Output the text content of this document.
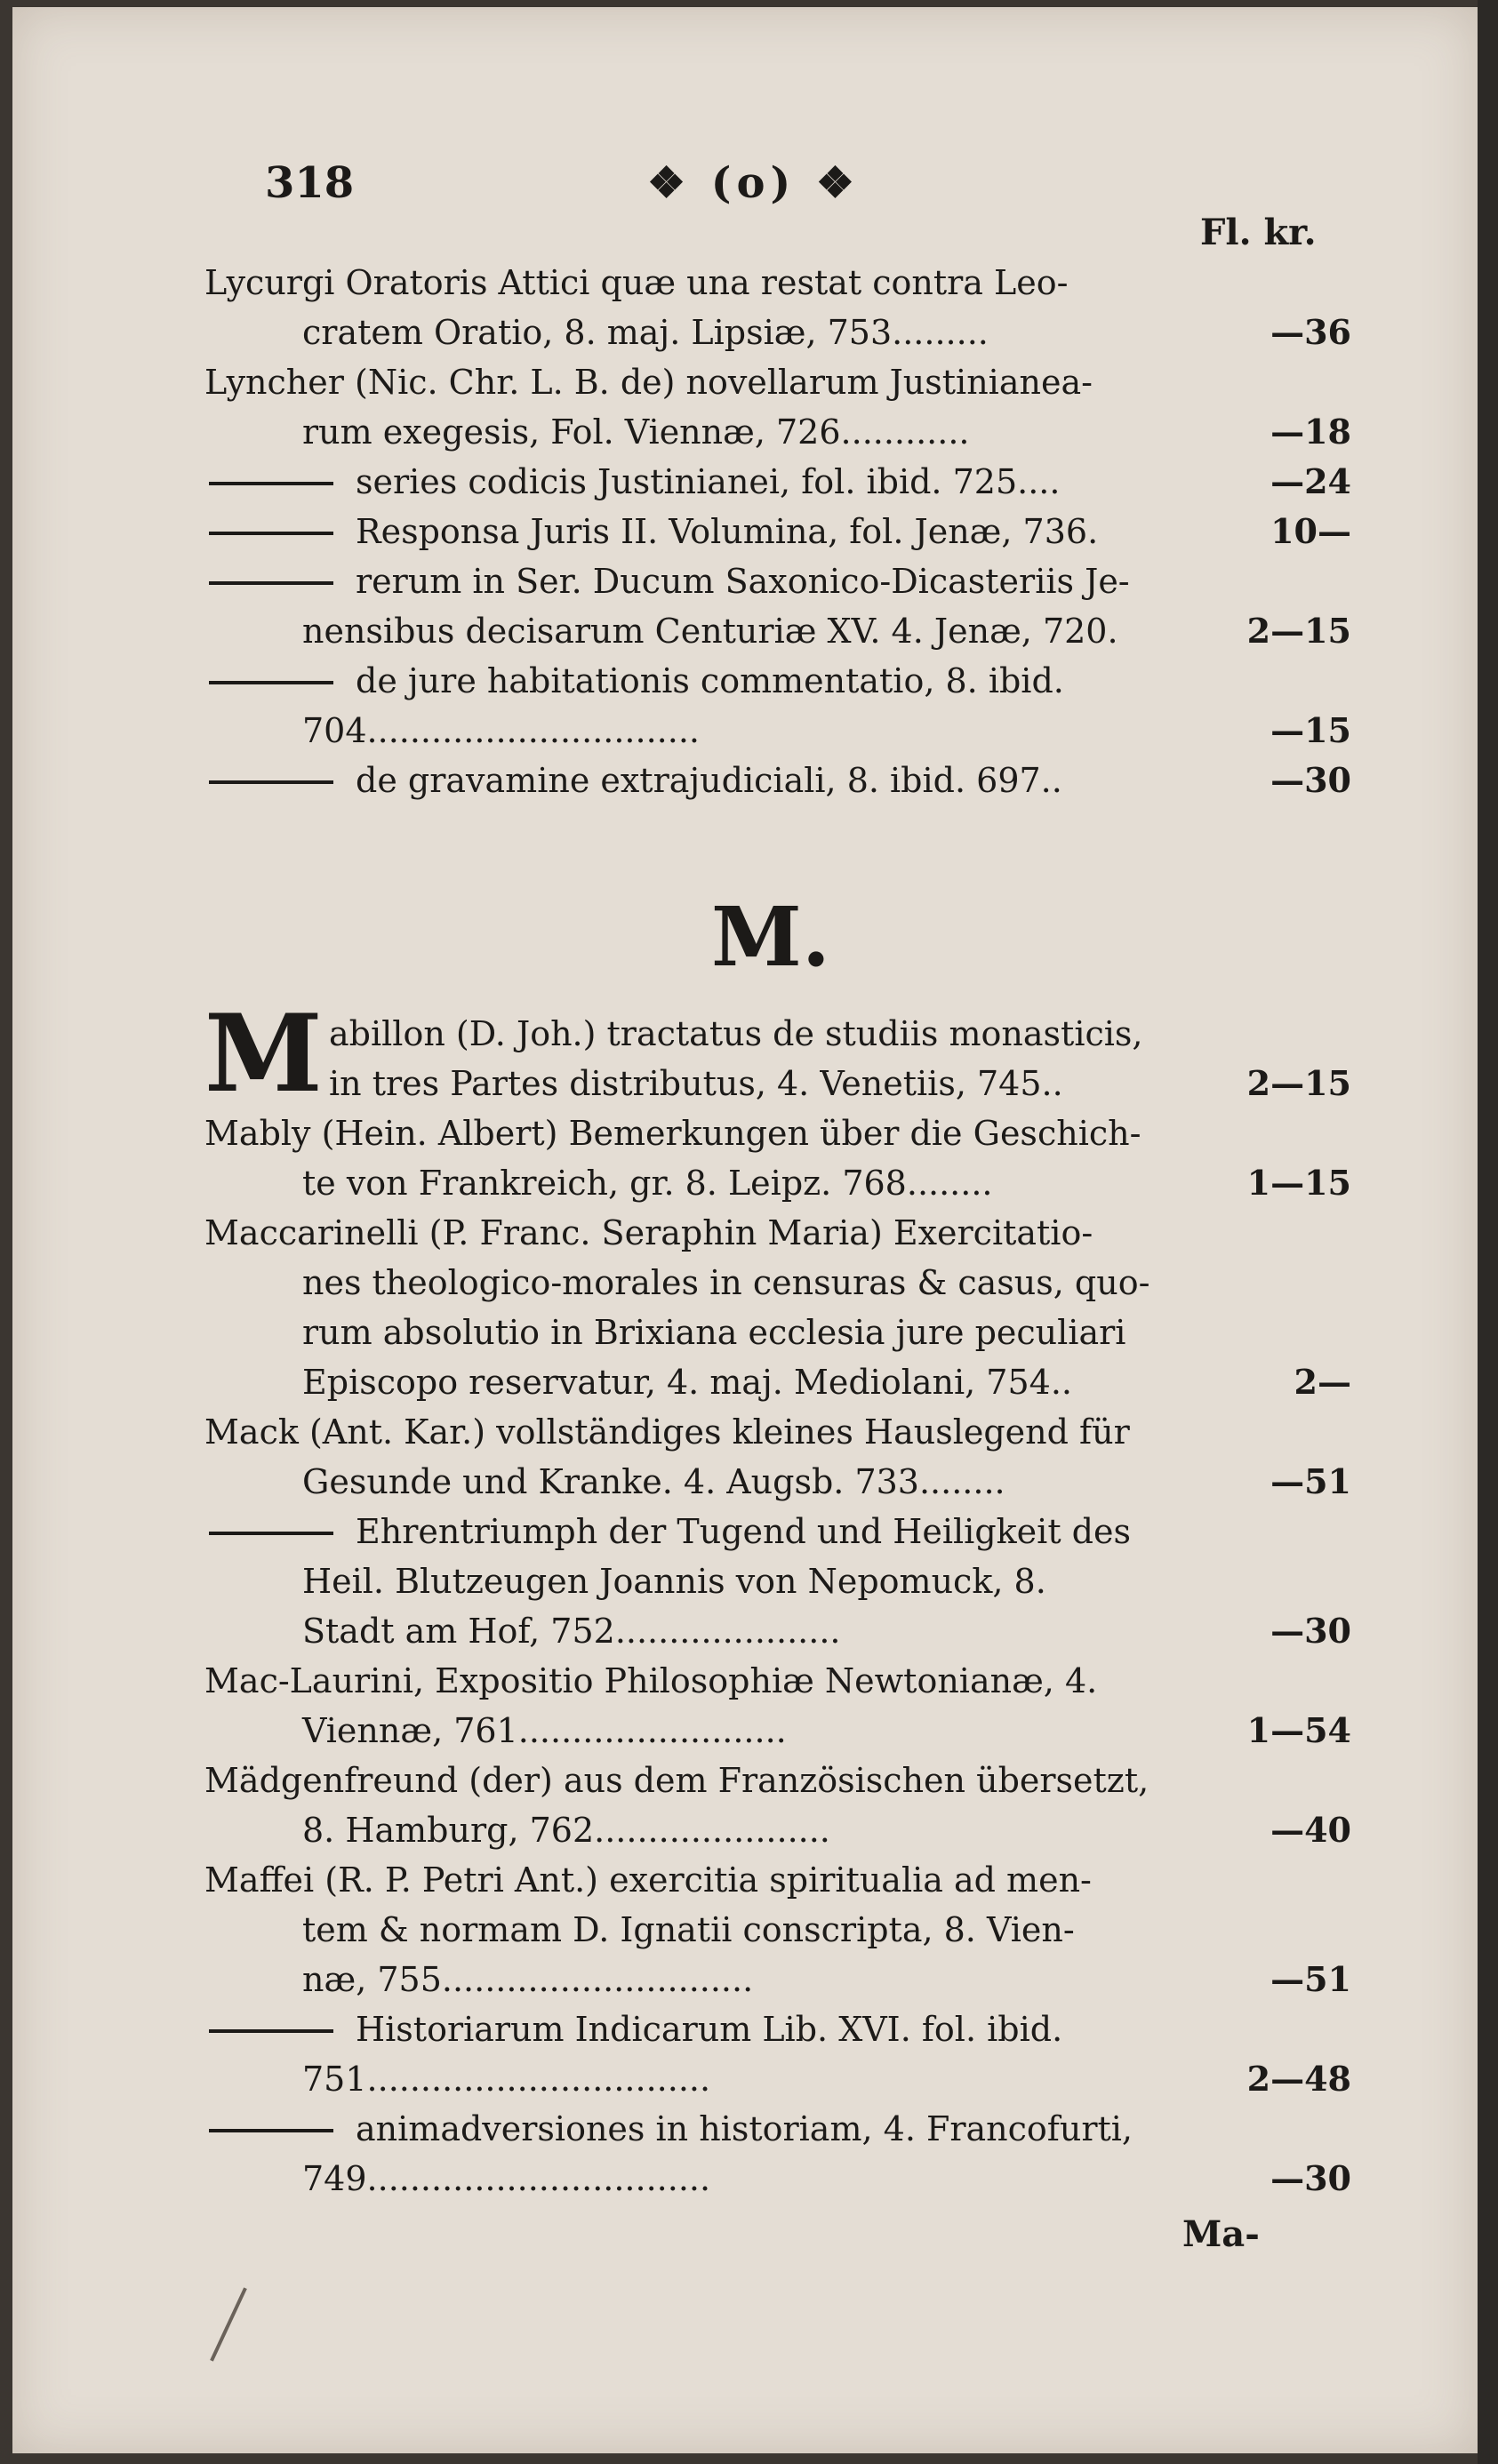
318	❖ (o) ❖
Fl. kr.
Lycurgi Oratoris Attici quæ una restat contra Leo-
cratem Oratio, 8. maj. Lipsiæ, 753.........	—36
Lyncher (Nic. Chr. L. B. de) novellarum Justinianea-
rum exegesis, Fol. Viennæ, 726............	—18
series codicis Justinianei, fol. ibid. 725....	—24
Responsa Juris II. Volumina, fol. Jenæ, 736.	10—
rerum in Ser. Ducum Saxonico-Dicasteriis Je-
nensibus decisarum Centuriæ XV. 4. Jenæ, 720.	2—15
de jure habitationis commentatio, 8. ibid.
704...............................	—15
de gravamine extrajudiciali, 8. ibid. 697..	—30
M.
M abillon (D. Joh.) tractatus de studiis monasticis,
in tres Partes distributus, 4. Venetiis, 745..	2—15
Mably (Hein. Albert) Bemerkungen über die Geschich-
te von Frankreich, gr. 8. Leipz. 768........	1—15
Maccarinelli (P. Franc. Seraphin Maria) Exercitatio-
nes theologico-morales in censuras & casus, quo-
rum absolutio in Brixiana ecclesia jure peculiari
Episcopo reservatur, 4. maj. Mediolani, 754..	2—
Mack (Ant. Kar.) vollständiges kleines Hauslegend für
Gesunde und Kranke. 4. Augsb. 733........	—51
Ehrentriumph der Tugend und Heiligkeit des
Heil. Blutzeugen Joannis von Nepomuck, 8.
Stadt am Hof, 752.....................	—30
Mac-Laurini, Expositio Philosophiæ Newtonianæ, 4.
Viennæ, 761.........................	1—54
Mädgenfreund (der) aus dem Französischen übersetzt,
8. Hamburg, 762......................	—40
Maffei (R. P. Petri Ant.) exercitia spiritualia ad men-
tem & normam D. Ignatii conscripta, 8. Vien-
næ, 755.............................	—51
Historiarum Indicarum Lib. XVI. fol. ibid.
751................................	2—48
animadversiones in historiam, 4. Francofurti,
749................................	—30
Ma-
